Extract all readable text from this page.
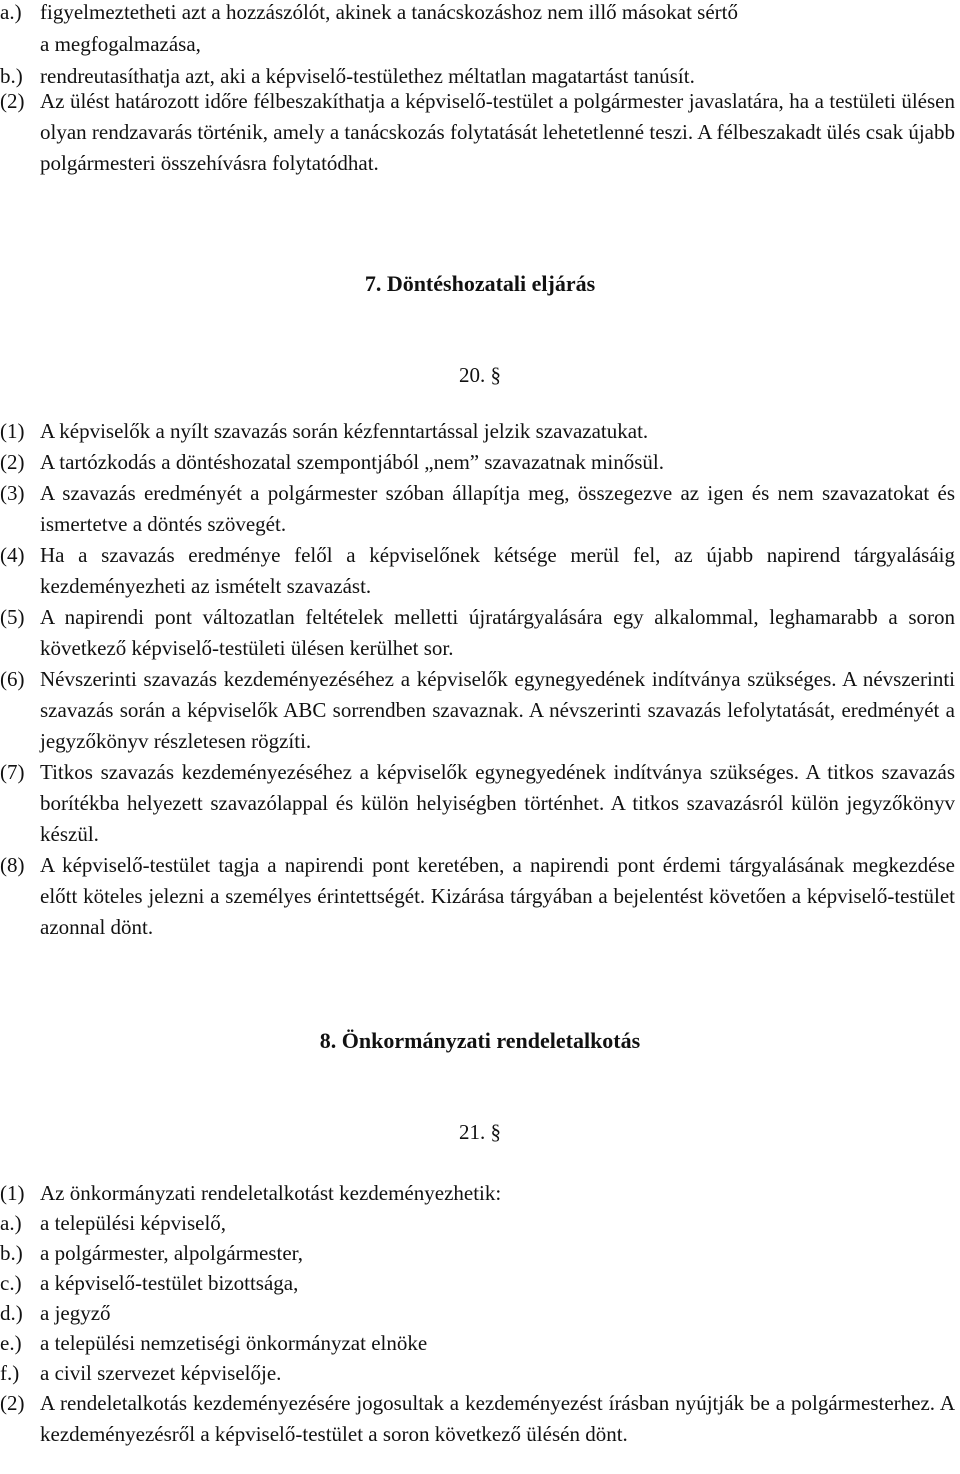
a.) figyelmeztetheti azt a hozzászólót, akinek a tanácskozáshoz nem illő másokat sértő
a megfogalmazása,
b.) rendreutasíthatja azt, aki a képviselő-testülethez méltatlan magatartást tanúsít.
(2) Az ülést határozott időre félbeszakíthatja a képviselő-testület a polgármester javaslatára, ha a testületi ülésen olyan rendzavarás történik, amely a tanácskozás folytatását lehetetlenné teszi. A félbeszakadt ülés csak újabb polgármesteri összehívásra folytatódhat.
7. Döntéshozatali eljárás
20. §
(1) A képviselők a nyílt szavazás során kézfenntartással jelzik szavazatukat.
(2) A tartózkodás a döntéshozatal szempontjából „nem” szavazatnak minősül.
(3) A szavazás eredményét a polgármester szóban állapítja meg, összegezve az igen és nem szavazatokat és ismertetve a döntés szövegét.
(4) Ha a szavazás eredménye felől a képviselőnek kétsége merül fel, az újabb napirend tárgyalásáig kezdeményezheti az ismételt szavazást.
(5) A napirendi pont változatlan feltételek melletti újratárgyalására egy alkalommal, leghamarabb a soron következő képviselő-testületi ülésen kerülhet sor.
(6) Névszerinti szavazás kezdeményezéséhez a képviselők egynegyedének indítványa szükséges. A névszerinti szavazás során a képviselők ABC sorrendben szavaznak. A névszerinti szavazás lefolytatását, eredményét a jegyzőkönyv részletesen rögzíti.
(7) Titkos szavazás kezdeményezéséhez a képviselők egynegyedének indítványa szükséges. A titkos szavazás borítékba helyezett szavazólappal és külön helyiségben történhet. A titkos szavazásról külön jegyzőkönyv készül.
(8) A képviselő-testület tagja a napirendi pont keretében, a napirendi pont érdemi tárgyalásának megkezdése előtt köteles jelezni a személyes érintettségét. Kizárása tárgyában a bejelentést követően a képviselő-testület azonnal dönt.
8. Önkormányzati rendeletalkotás
21. §
(1) Az önkormányzati rendeletalkotást kezdeményezhetik:
a.) a települési képviselő,
b.) a polgármester, alpolgármester,
c.) a képviselő-testület bizottsága,
d.) a jegyző
e.) a települési nemzetiségi önkormányzat elnöke
f.) a civil szervezet képviselője.
(2) A rendeletalkotás kezdeményezésére jogosultak a kezdeményezést írásban nyújtják be a polgármesterhez. A kezdeményezésről a képviselő-testület a soron következő ülésén dönt.
